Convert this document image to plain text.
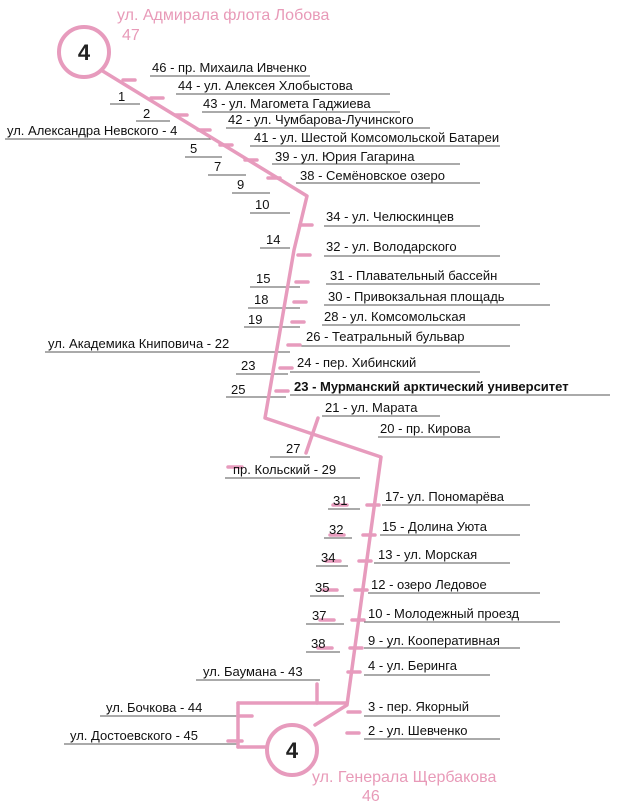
4
4
ул. Адмирала флота Лобова
47
ул. Генерала Щербакова
46
46 - пр. Михаила Ивченко
44 - ул. Алексея Хлобыстова
43 - ул. Магомета Гаджиева
42 - ул. Чумбарова-Лучинского
41 - ул. Шестой Комсомольской Батареи
39 - ул. Юрия Гагарина
38 - Семёновское озеро
34 - ул. Челюскинцев
32 - ул. Володарского
31 - Плавательный бассейн
30 - Привокзальная площадь
28 - ул. Комсомольская
26 - Театральный бульвар
24 - пер. Хибинский
23 - Мурманский арктический университет
21 - ул. Марата
20 - пр. Кирова
17- ул. Пономарёва
15 - Долина Уюта
13 - ул. Морская
12 - озеро Ледовое
10 - Молодежный проезд
9 - ул. Кооперативная
4 - ул. Беринга
3 - пер. Якорный
2 - ул. Шевченко
1
2
ул. Александра Невского - 4
5
7
9
10
14
15
18
19
ул. Академика Книповича - 22
23
25
27
пр. Кольский - 29
31
32
34
35
37
38
ул. Баумана - 43
ул. Бочкова - 44
ул. Достоевского - 45
